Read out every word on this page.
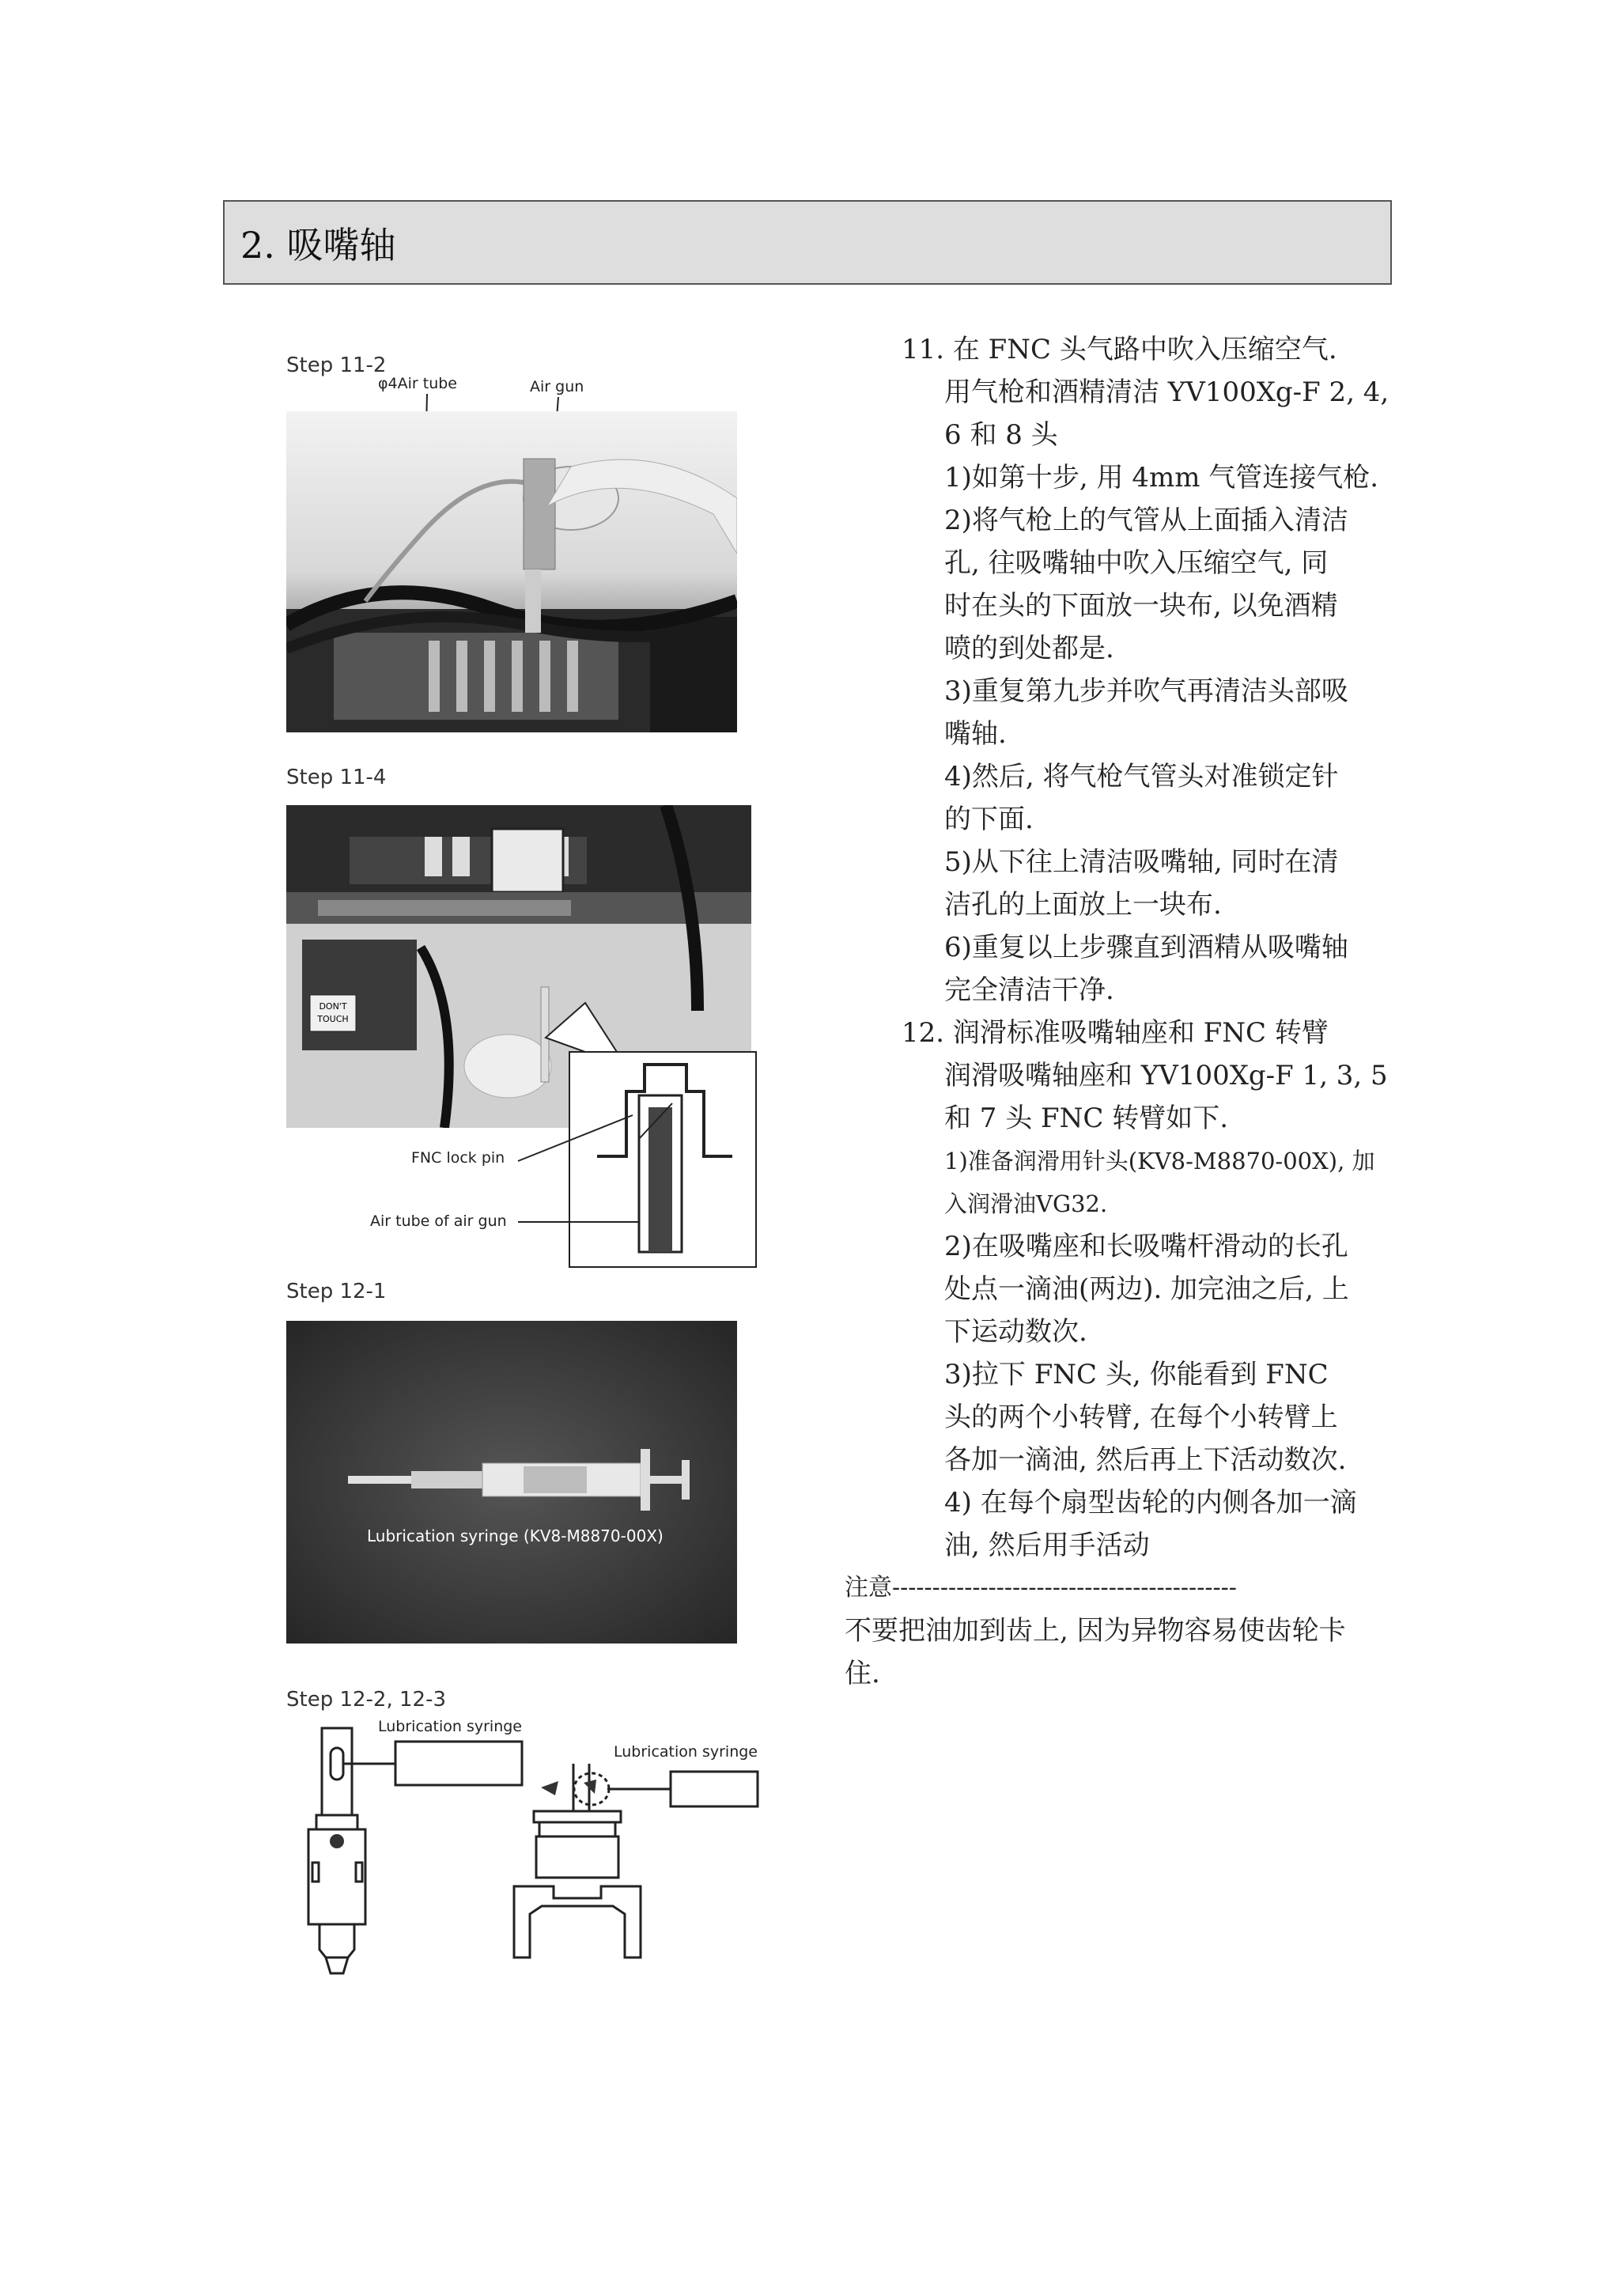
2. 吸嘴轴
Step 11-2
φ4Air tube	Air gun
Step 11-4
DON'T
TOUCH
FNC lock pin
Air tube of air gun
Step 12-1
Lubrication syringe (KV8-M8870-00X)
Step 12-2, 12-3
Lubrication syringe
Lubrication syringe
11. 在 FNC 头气路中吹入压缩空气.
用气枪和酒精清洁 YV100Xg-F 2, 4,
6 和 8 头
1)如第十步, 用 4mm 气管连接气枪.
2)将气枪上的气管从上面插入清洁
孔, 往吸嘴轴中吹入压缩空气, 同
时在头的下面放一块布, 以免酒精
喷的到处都是.
3)重复第九步并吹气再清洁头部吸
嘴轴.
4)然后, 将气枪气管头对准锁定针
的下面.
5)从下往上清洁吸嘴轴, 同时在清
洁孔的上面放上一块布.
6)重复以上步骤直到酒精从吸嘴轴
完全清洁干净.
12. 润滑标准吸嘴轴座和 FNC 转臂
润滑吸嘴轴座和 YV100Xg-F 1, 3, 5
和 7 头 FNC 转臂如下.
1)准备润滑用针头(KV8-M8870-00X), 加
入润滑油VG32.
2)在吸嘴座和长吸嘴杆滑动的长孔
处点一滴油(两边). 加完油之后, 上
下运动数次.
3)拉下 FNC 头, 你能看到 FNC
头的两个小转臂, 在每个小转臂上
各加一滴油, 然后再上下活动数次.
4) 在每个扇型齿轮的内侧各加一滴
油, 然后用手活动
注意-------------------------------------------
不要把油加到齿上, 因为异物容易使齿轮卡
住.
